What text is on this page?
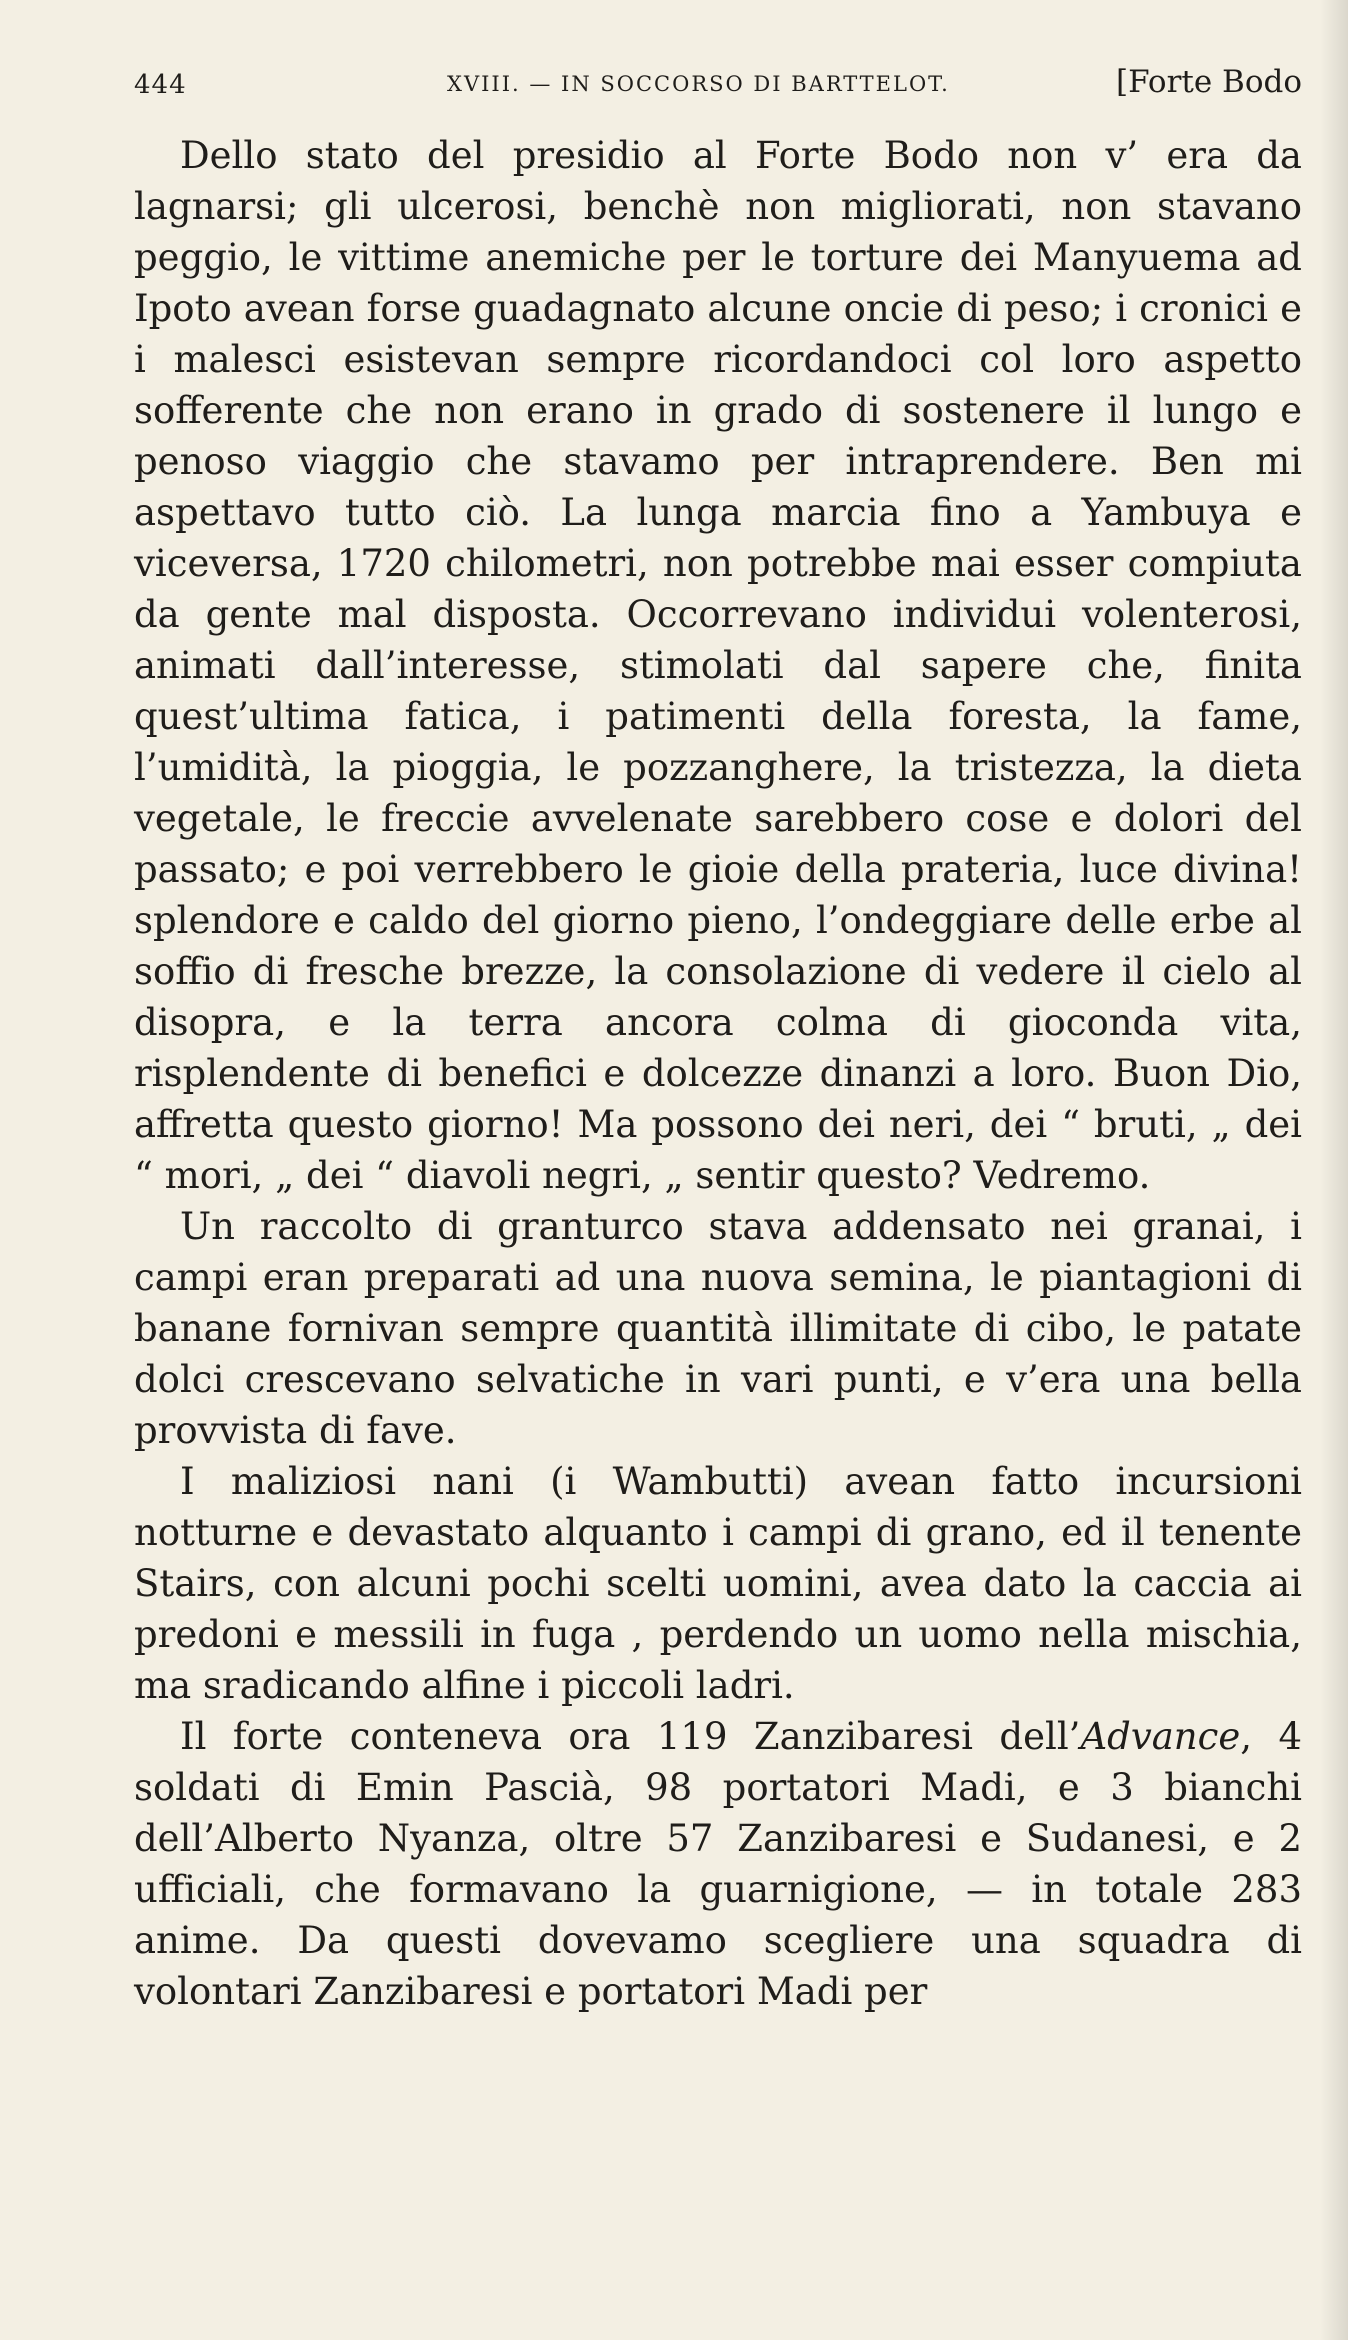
444	XVIII. — IN SOCCORSO DI BARTTELOT.	[Forte Bodo

Dello stato del presidio al Forte Bodo non v’ era da lagnarsi; gli ulcerosi, benchè non migliorati, non stavano peggio, le vittime anemiche per le torture dei Manyuema ad Ipoto avean forse guadagnato alcune oncie di peso; i cronici e i malesci esistevan sempre ricordandoci col loro aspetto sofferente che non erano in grado di sostenere il lungo e penoso viaggio che stavamo per intraprendere. Ben mi aspettavo tutto ciò. La lunga marcia fino a Yambuya e viceversa, 1720 chilometri, non potrebbe mai esser compiuta da gente mal disposta. Occorrevano individui volenterosi, animati dall’interesse, stimolati dal sapere che, finita quest’ultima fatica, i patimenti della foresta, la fame, l’umidità, la pioggia, le pozzanghere, la tristezza, la dieta vegetale, le freccie avvelenate sarebbero cose e dolori del passato; e poi verrebbero le gioie della prateria, luce divina! splendore e caldo del giorno pieno, l’ondeggiare delle erbe al soffio di fresche brezze, la consolazione di vedere il cielo al disopra, e la terra ancora colma di gioconda vita, risplendente di benefici e dolcezze dinanzi a loro. Buon Dio, affretta questo giorno! Ma possono dei neri, dei “ bruti, „ dei “ mori, „ dei “ diavoli negri, „ sentir questo? Vedremo.

Un raccolto di granturco stava addensato nei granai, i campi eran preparati ad una nuova semina, le piantagioni di banane fornivan sempre quantità illimitate di cibo, le patate dolci crescevano selvatiche in vari punti, e v’era una bella provvista di fave.

I maliziosi nani (i Wambutti) avean fatto incursioni notturne e devastato alquanto i campi di grano, ed il tenente Stairs, con alcuni pochi scelti uomini, avea dato la caccia ai predoni e messili in fuga , perdendo un uomo nella mischia, ma sradicando alfine i piccoli ladri.

Il forte conteneva ora 119 Zanzibaresi dell’Advance, 4 soldati di Emin Pascià, 98 portatori Madi, e 3 bianchi dell’Alberto Nyanza, oltre 57 Zanzibaresi e Sudanesi, e 2 ufficiali, che formavano la guarnigione, — in totale 283 anime. Da questi dovevamo scegliere una squadra di volontari Zanzibaresi e portatori Madi per
